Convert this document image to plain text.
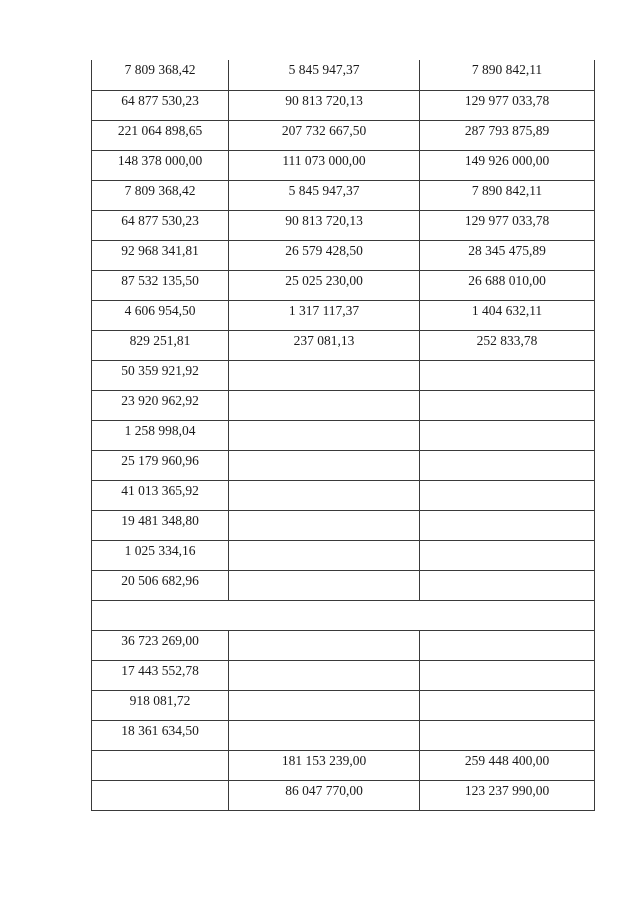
7 809 368,42	5 845 947,37	7 890 842,11
64 877 530,23	90 813 720,13	129 977 033,78
221 064 898,65	207 732 667,50	287 793 875,89
148 378 000,00	111 073 000,00	149 926 000,00
7 809 368,42	5 845 947,37	7 890 842,11
64 877 530,23	90 813 720,13	129 977 033,78
92 968 341,81	26 579 428,50	28 345 475,89
87 532 135,50	25 025 230,00	26 688 010,00
4 606 954,50	1 317 117,37	1 404 632,11
829 251,81	237 081,13	252 833,78
50 359 921,92		
23 920 962,92		
1 258 998,04		
25 179 960,96		
41 013 365,92		
19 481 348,80		
1 025 334,16		
20 506 682,96		

36 723 269,00		
17 443 552,78		
918 081,72		
18 361 634,50		
	181 153 239,00	259 448 400,00
	86 047 770,00	123 237 990,00
